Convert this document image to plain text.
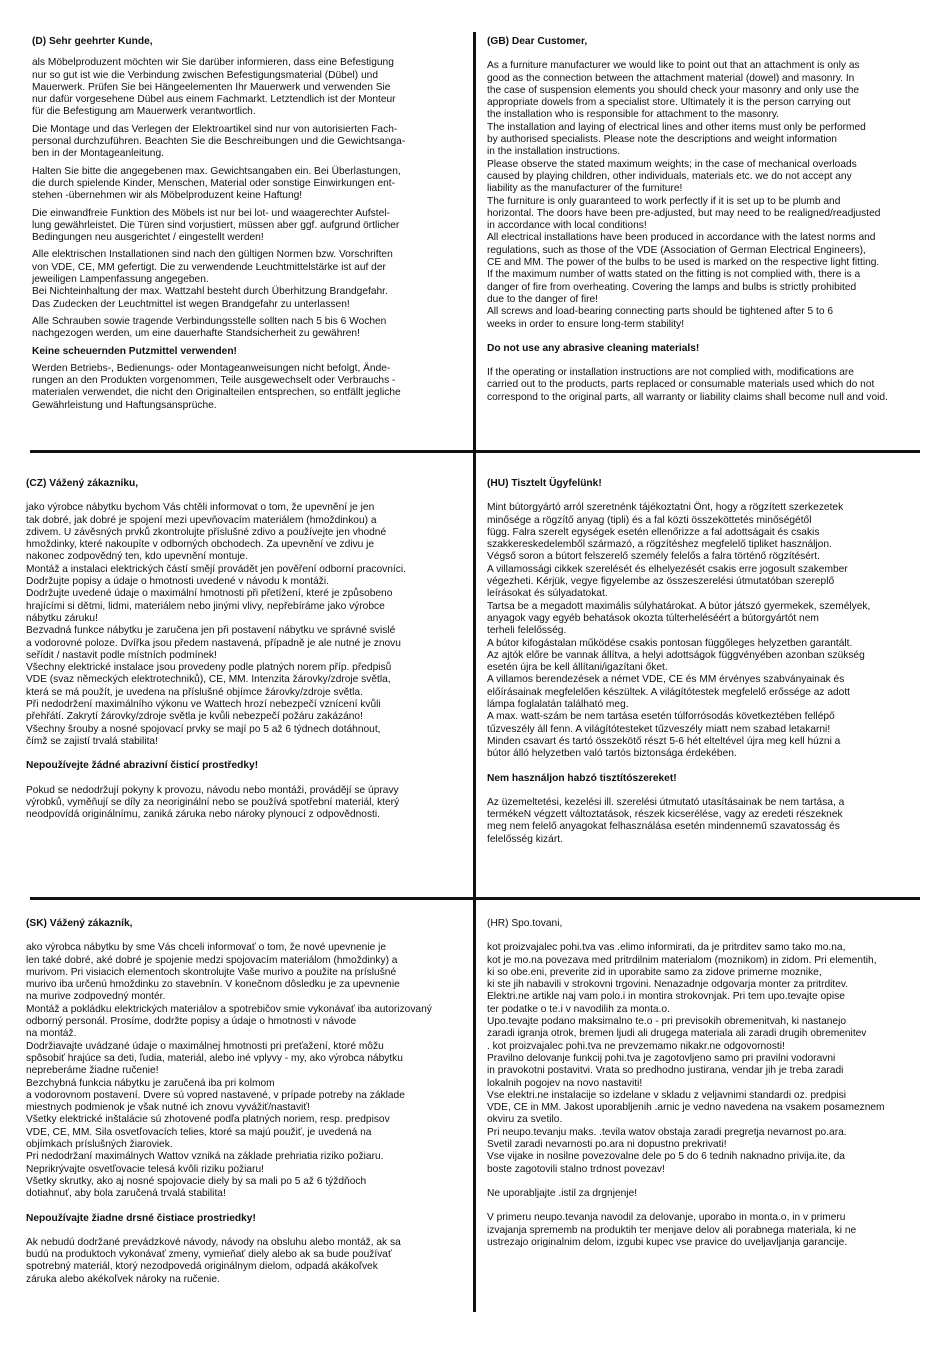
(D) Sehr geehrter Kunde,

als Möbelproduzent möchten wir Sie darüber informieren, dass eine Befestigung
nur so gut ist wie die Verbindung zwischen Befestigungsmaterial (Dübel) und
Mauerwerk. Prüfen Sie bei Hängeelementen Ihr Mauerwerk und verwenden Sie
nur dafür vorgesehene Dübel aus einem Fachmarkt. Letztendlich ist der Monteur
für die Befestigung am Mauerwerk verantwortlich.

Die Montage und das Verlegen der Elektroartikel sind nur von autorisierten Fach-
personal durchzuführen. Beachten Sie die Beschreibungen und die Gewichtsanga-
ben in der Montageanleitung.

Halten Sie bitte die angegebenen max. Gewichtsangaben ein. Bei Überlastungen,
die durch spielende Kinder, Menschen, Material oder sonstige Einwirkungen ent-
stehen -übernehmen wir als Möbelproduzent keine Haftung!

Die einwandfreie Funktion des Möbels ist nur bei lot- und waagerechter Aufstel-
lung gewährleistet. Die Türen sind vorjustiert, müssen aber ggf. aufgrund örtlicher
Bedingungen neu ausgerichtet / eingestellt werden!

Alle elektrischen Installationen sind nach den gültigen Normen bzw. Vorschriften
von VDE, CE, MM gefertigt. Die zu verwendende Leuchtmittelstärke ist auf der
jeweiligen Lampenfassung angegeben.
Bei Nichteinhaltung der max. Wattzahl besteht durch Überhitzung Brandgefahr.
Das Zudecken der Leuchtmittel ist wegen Brandgefahr zu unterlassen!

Alle Schrauben sowie tragende Verbindungsstelle sollten nach 5 bis 6 Wochen
nachgezogen werden, um eine dauerhafte Standsicherheit zu gewähren!

Keine scheuernden Putzmittel verwenden!

Werden Betriebs-, Bedienungs- oder Montageanweisungen nicht befolgt, Ände-
rungen an den Produkten vorgenommen, Teile ausgewechselt oder Verbrauchs -
materialen verwendet, die nicht den Originalteilen entsprechen, so entfällt jegliche
Gewährleistung und Haftungsansprüche.

(GB) Dear Customer,

As a furniture manufacturer we would like to point out that an attachment is only as
good as the connection between the attachment material (dowel) and masonry. In
the case of suspension elements you should check your masonry and only use the
appropriate dowels from a specialist store. Ultimately it is the person carrying out
the installation who is responsible for attachment to the masonry.
The installation and laying of electrical lines and other items must only be performed
by authorised specialists. Please note the descriptions and weight information
in the installation instructions.
Please observe the stated maximum weights; in the case of mechanical overloads
caused by playing children, other individuals, materials etc. we do not accept any
liability as the manufacturer of the furniture!
The furniture is only guaranteed to work perfectly if it is set up to be plumb and
horizontal. The doors have been pre-adjusted, but may need to be realigned/readjusted
in accordance with local conditions!
All electrical installations have been produced in accordance with the latest norms and
regulations, such as those of the VDE (Association of German Electrical Engineers),
CE and MM. The power of the bulbs to be used is marked on the respective light fitting.
If the maximum number of watts stated on the fitting is not complied with, there is a
danger of fire from overheating. Covering the lamps and bulbs is strictly prohibited
due to the danger of fire!
All screws and load-bearing connecting parts should be tightened after 5 to 6
weeks in order to ensure long-term stability!

Do not use any abrasive cleaning materials!

If the operating or installation instructions are not complied with, modifications are
carried out to the products, parts replaced or consumable materials used which do not
correspond to the original parts, all warranty or liability claims shall become null and void.

(CZ) Vážený zákazníku,

jako výrobce nábytku bychom Vás chtěli informovat o tom, že upevnění je jen
tak dobré, jak dobré je spojení mezi upevňovacím materiálem (hmoždinkou) a
zdivem. U závěsných prvků zkontrolujte příslušné zdivo a používejte jen vhodné
hmoždinky, které nakoupíte v odborných obchodech. Za upevnění ve zdivu je
nakonec zodpovědný ten, kdo upevnění montuje.
Montáž a instalaci elektrických částí smějí provádět jen pověření odborní pracovníci.
Dodržujte popisy a údaje o hmotnosti uvedené v návodu k montáži.
Dodržujte uvedené údaje o maximální hmotnosti při přetížení, které je způsobeno
hrajícími si dětmi, lidmi, materiálem nebo jinými vlivy, nepřebíráme jako výrobce
nábytku záruku!
Bezvadná funkce nábytku je zaručena jen při postavení nábytku ve správné svislé
a vodorovné poloze. Dvířka jsou předem nastavená, případně je ale nutné je znovu
seřídit / nastavit podle místních podmínek!
Všechny elektrické instalace jsou provedeny podle platných norem příp. předpisů
VDE (svaz německých elektrotechniků), CE, MM. Intenzita žárovky/zdroje světla,
která se má použít, je uvedena na příslušné objímce žárovky/zdroje světla.
Při nedodržení maximálního výkonu ve Wattech hrozí nebezpečí vznícení kvůli
přehřátí. Zakrytí žárovky/zdroje světla je kvůli nebezpečí požáru zakázáno!
Všechny šrouby a nosné spojovací prvky se mají po 5 až 6 týdnech dotáhnout,
čímž se zajistí trvalá stabilita!

Nepoužívejte žádné abrazivní čisticí prostředky!

Pokud se nedodržují pokyny k provozu, návodu nebo montáži, provádějí se úpravy
výrobků, vyměňují se díly za neoriginální nebo se používá spotřební materiál, který
neodpovídá originálnímu, zaniká záruka nebo nároky plynoucí z odpovědnosti.

(HU) Tisztelt Ügyfelünk!

Mint bútorgyártó arról szeretnénk tájékoztatni Önt, hogy a rögzített szerkezetek
minősége a rögzítő anyag (tipli) és a fal közti összeköttetés minőségétől
függ. Falra szerelt egységek esetén ellenőrizze a fal adottságait és csakis
szakkereskedelemből származó, a rögzítéshez megfelelő tipliket használjon.
Végső soron a bútort felszerelő személy felelős a falra történő rögzítésért.
A villamossági cikkek szerelését és elhelyezését csakis erre jogosult szakember
végezheti. Kérjük, vegye figyelembe az összeszerelési útmutatóban szereplő
leírásokat és súlyadatokat.
Tartsa be a megadott maximális súlyhatárokat. A bútor játszó gyermekek, személyek,
anyagok vagy egyéb behatások okozta túlterheléséért a bútorgyártót nem
terheli felelősség.
A bútor kifogástalan működése csakis pontosan függőleges helyzetben garantált.
Az ajtók előre be vannak állítva, a helyi adottságok függvényében azonban szükség
esetén újra be kell állítani/igazítani őket.
A villamos berendezések a német VDE, CE és MM érvényes szabványainak és
előírásainak megfelelően készültek. A világítótestek megfelelő erőssége az adott
lámpa foglalatán található meg.
A max. watt-szám be nem tartása esetén túlforrósodás következtében fellépő
tűzveszély áll fenn. A világítótesteket tűzveszély miatt nem szabad letakarni!
Minden csavart és tartó összekötő részt 5-6 hét elteltével újra meg kell húzni a
bútor álló helyzetben való tartós biztonsága érdekében.

Nem használjon habzó tisztítószereket!

Az üzemeltetési, kezelési ill. szerelési útmutató utasításainak be nem tartása, a
termékeN végzett változtatások, részek kicserélése, vagy az eredeti részeknek
meg nem felelő anyagokat felhasználása esetén mindennemű szavatosság és
felelősség kizárt.

(SK) Vážený zákazník,

ako výrobca nábytku by sme Vás chceli informovať o tom, že nové upevnenie je
len také dobré, aké dobré je spojenie medzi spojovacím materiálom (hmoždinky) a
murivom. Pri visiacich elementoch skontrolujte Vaše murivo a použite na príslušné
murivo iba určenú hmoždinku zo stavebnín. V konečnom dôsledku je za upevnenie
na murive zodpovedný montér.
Montáž a pokládku elektrických materiálov a spotrebičov smie vykonávať iba autorizovaný
odborný personál. Prosíme, dodržte popisy a údaje o hmotnosti v návode
na montáž.
Dodržiavajte uvádzané údaje o maximálnej hmotnosti pri preťažení, ktoré môžu
spôsobiť hrajúce sa deti, ľudia, materiál, alebo iné vplyvy - my, ako výrobca nábytku
nepreberáme žiadne ručenie!
Bezchybná funkcia nábytku je zaručená iba pri kolmom
a vodorovnom postavení. Dvere sú vopred nastavené, v prípade potreby na základe
miestnych podmienok je však nutné ich znovu vyvážiť/nastaviť!
Všetky elektrické inštalácie sú zhotovené podľa platných noriem, resp. predpisov
VDE, CE, MM. Sila osvetľovacích telies, ktoré sa majú použiť, je uvedená na
objímkach príslušných žiaroviek.
Pri nedodržaní maximálnych Wattov vzniká na základe prehriatia riziko požiaru.
Neprikrývajte osvetľovacie telesá kvôli riziku požiaru!
Všetky skrutky, ako aj nosné spojovacie diely by sa mali po 5 až 6 týždňoch
dotiahnuť, aby bola zaručená trvalá stabilita!

Nepoužívajte žiadne drsné čistiace prostriedky!

Ak nebudú dodržané prevádzkové návody, návody na obsluhu alebo montáž, ak sa
budú na produktoch vykonávať zmeny, vymieňať diely alebo ak sa bude používať
spotrebný materiál, ktorý nezodpovedá originálnym dielom, odpadá akákoľvek
záruka alebo akékoľvek nároky na ručenie.

(HR) Spo.tovani,

kot proizvajalec pohi.tva vas .elimo informirati, da je pritrditev samo tako mo.na,
kot je mo.na povezava med pritrdilnim materialom (moznikom) in zidom. Pri elementih,
ki so obe.eni, preverite zid in uporabite samo za zidove primerne moznike,
ki ste jih nabavili v strokovni trgovini. Nenazadnje odgovarja monter za pritrditev.
Elektri.ne artikle naj vam polo.i in montira strokovnjak. Pri tem upo.tevajte opise
ter podatke o te.i v navodilih za monta.o.
Upo.tevajte podano maksimalno te.o - pri previsokih obremenitvah, ki nastanejo
zaradi igranja otrok, bremen ljudi ali drugega materiala ali zaradi drugih obremenitev
. kot proizvajalec pohi.tva ne prevzemamo nikakr.ne odgovornosti!
Pravilno delovanje funkcij pohi.tva je zagotovljeno samo pri pravilni vodoravni
in pravokotni postavitvi. Vrata so predhodno justirana, vendar jih je treba zaradi
lokalnih pogojev na novo nastaviti!
Vse elektri.ne instalacije so izdelane v skladu z veljavnimi standardi oz. predpisi
VDE, CE in MM. Jakost uporabljenih .arnic je vedno navedena na vsakem posameznem
okviru za svetilo.
Pri neupo.tevanju maks. .tevila watov obstaja zaradi pregretja nevarnost po.ara.
Svetil zaradi nevarnosti po.ara ni dopustno prekrivati!
Vse vijake in nosilne povezovalne dele po 5 do 6 tednih naknadno privija.ite, da
boste zagotovili stalno trdnost povezav!

Ne uporabljajte .istil za drgnjenje!

V primeru neupo.tevanja navodil za delovanje, uporabo in monta.o, in v primeru
izvajanja sprememb na produktih ter menjave delov ali porabnega materiala, ki ne
ustrezajo originalnim delom, izgubi kupec vse pravice do uveljavljanja garancije.
